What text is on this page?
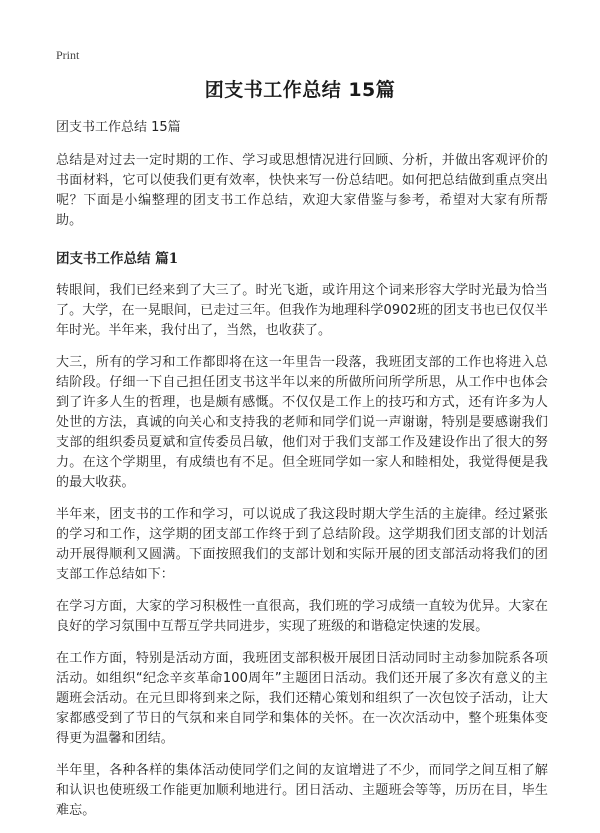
Print
团支书工作总结 15篇

团支书工作总结 15篇

总结是对过去一定时期的工作、学习或思想情况进行回顾、分析，并做出客观评价的书面材料，它可以使我们更有效率，快快来写一份总结吧。如何把总结做到重点突出呢？下面是小编整理的团支书工作总结，欢迎大家借鉴与参考，希望对大家有所帮助。

团支书工作总结 篇1

转眼间，我们已经来到了大三了。时光飞逝，或许用这个词来形容大学时光最为恰当了。大学，在一晃眼间，已走过三年。但我作为地理科学0902班的团支书也已仅仅半年时光。半年来，我付出了，当然，也收获了。

大三，所有的学习和工作都即将在这一年里告一段落，我班团支部的工作也将进入总结阶段。仔细一下自己担任团支书这半年以来的所做所问所学所思，从工作中也体会到了许多人生的哲理，也是颇有感慨。不仅仅是工作上的技巧和方式，还有许多为人处世的方法，真诚的向关心和支持我的老师和同学们说一声谢谢，特别是要感谢我们支部的组织委员夏斌和宣传委员吕敏，他们对于我们支部工作及建设作出了很大的努力。在这个学期里，有成绩也有不足。但全班同学如一家人和睦相处，我觉得便是我的最大收获。

半年来，团支书的工作和学习，可以说成了我这段时期大学生活的主旋律。经过紧张的学习和工作，这学期的团支部工作终于到了总结阶段。这学期我们团支部的计划活动开展得顺利又圆满。下面按照我们的支部计划和实际开展的团支部活动将我们的团支部工作总结如下：

在学习方面，大家的学习积极性一直很高，我们班的学习成绩一直较为优异。大家在良好的学习氛围中互帮互学共同进步，实现了班级的和谐稳定快速的发展。

在工作方面，特别是活动方面，我班团支部积极开展团日活动同时主动参加院系各项活动。如组织“纪念辛亥革命100周年”主题团日活动。我们还开展了多次有意义的主题班会活动。在元旦即将到来之际，我们还精心策划和组织了一次包饺子活动，让大家都感受到了节日的气氛和来自同学和集体的关怀。在一次次活动中，整个班集体变得更为温馨和团结。

半年里，各种各样的集体活动使同学们之间的友谊增进了不少，而同学之间互相了解和认识也使班级工作能更加顺利地进行。团日活动、主题班会等等，历历在目，毕生难忘。
